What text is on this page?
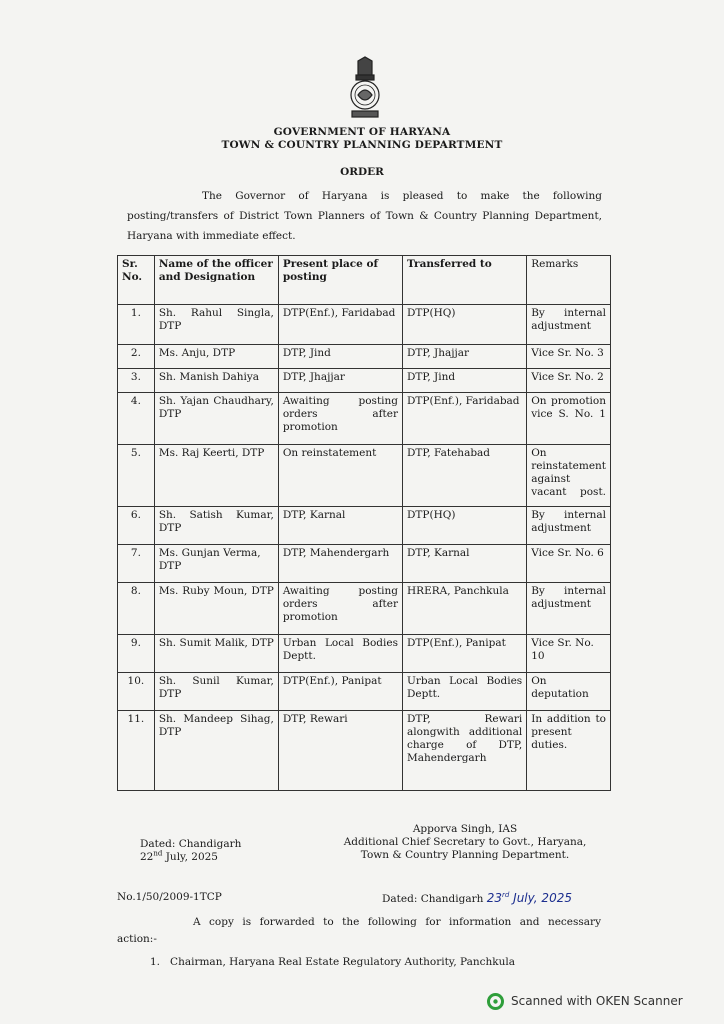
GOVERNMENT OF HARYANA
TOWN & COUNTRY PLANNING DEPARTMENT
ORDER

The Governor of Haryana is pleased to make the following

posting/transfers of District Town Planners of Town & Country Planning Department,

Haryana with immediate effect.

Sr. No.	Name of the officer and Designation	Present place of posting	Transferred to	Remarks
1.	Sh. Rahul Singla, DTP	DTP(Enf.), Faridabad	DTP(HQ)	By internal adjustment
2.	Ms. Anju, DTP	DTP, Jind	DTP, Jhajjar	Vice Sr. No. 3
3.	Sh. Manish Dahiya	DTP, Jhajjar	DTP, Jind	Vice Sr. No. 2
4.	Sh. Yajan Chaudhary, DTP	Awaiting posting orders after promotion	DTP(Enf.), Faridabad	On promotion vice S. No. 1
5.	Ms. Raj Keerti, DTP	On reinstatement	DTP, Fatehabad	On reinstatement against vacant post.
6.	Sh. Satish Kumar, DTP	DTP, Karnal	DTP(HQ)	By internal adjustment
7.	Ms. Gunjan Verma, DTP	DTP, Mahendergarh	DTP, Karnal	Vice Sr. No. 6
8.	Ms. Ruby Moun, DTP	Awaiting posting orders after promotion	HRERA, Panchkula	By internal adjustment
9.	Sh. Sumit Malik, DTP	Urban Local Bodies Deptt.	DTP(Enf.), Panipat	Vice Sr. No. 10
10.	Sh. Sunil Kumar, DTP	DTP(Enf.), Panipat	Urban Local Bodies Deptt.	On deputation
11.	Sh. Mandeep Sihag, DTP	DTP, Rewari	DTP, Rewari alongwith additional charge of DTP, Mahendergarh	In addition to present duties.
Apporva Singh, IAS
Additional Chief Secretary to Govt., Haryana,
Town & Country Planning Department.
Dated: Chandigarh
22nd July, 2025
No.1/50/2009-1TCP	Dated: Chandigarh 23rd July, 2025

A copy is forwarded to the following for information and necessary

action:-

1. Chairman, Haryana Real Estate Regulatory Authority, Panchkula
Scanned with OKEN Scanner
